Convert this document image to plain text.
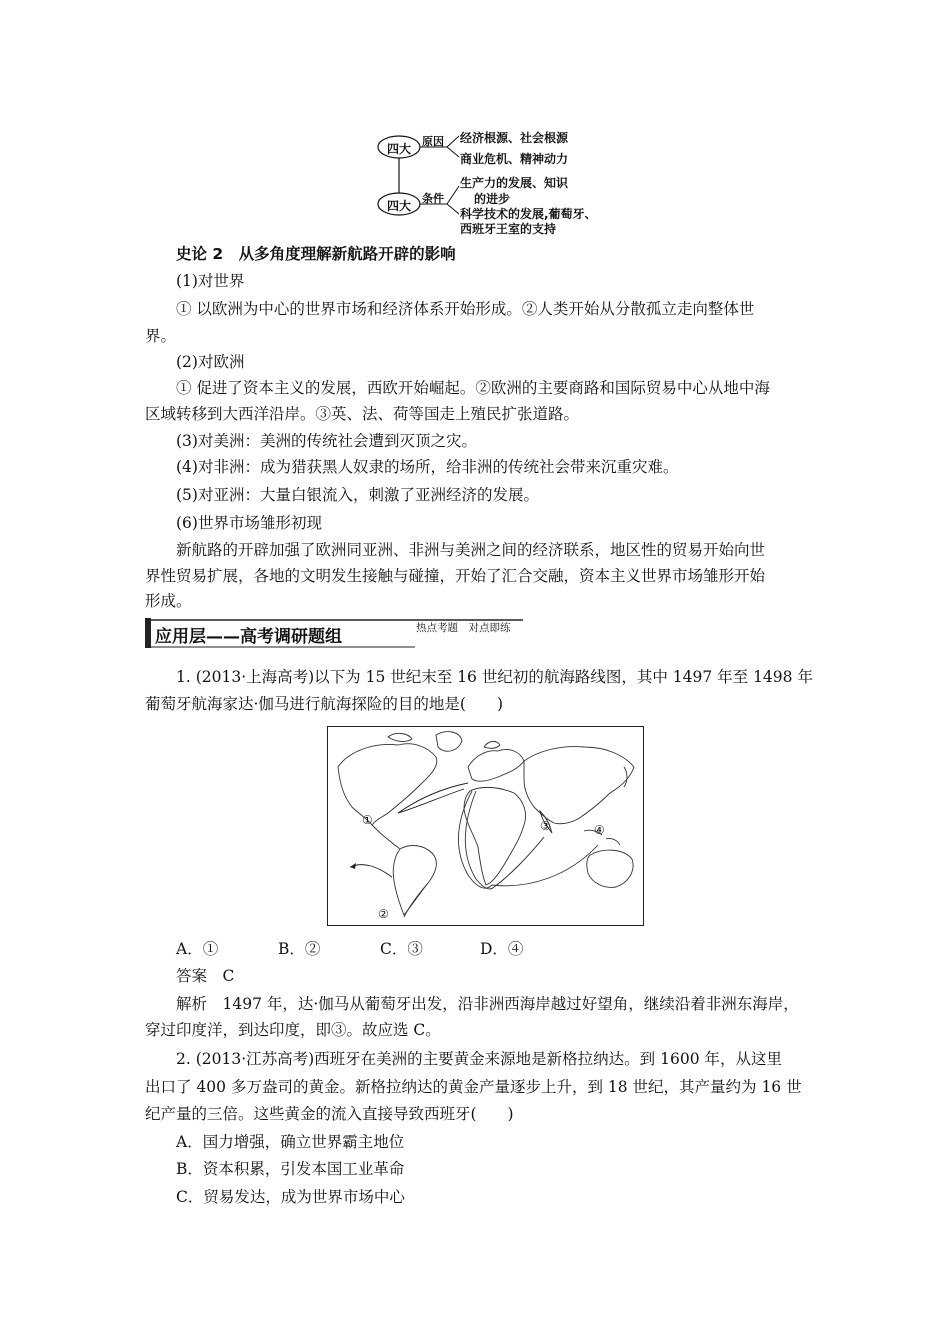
四大
四大
原因
条件
经济根源、社会根源
商业危机、精神动力
生产力的发展、知识
的进步
科学技术的发展,葡萄牙、
西班牙王室的支持
史论 2　从多角度理解新航路开辟的影响
(1)对世界
① 以欧洲为中心的世界市场和经济体系开始形成。②人类开始从分散孤立走向整体世
界。
(2)对欧洲
① 促进了资本主义的发展，西欧开始崛起。②欧洲的主要商路和国际贸易中心从地中海
区域转移到大西洋沿岸。③英、法、荷等国走上殖民扩张道路。
(3)对美洲：美洲的传统社会遭到灭顶之灾。
(4)对非洲：成为猎获黑人奴隶的场所，给非洲的传统社会带来沉重灾难。
(5)对亚洲：大量白银流入，刺激了亚洲经济的发展。
(6)世界市场雏形初现
新航路的开辟加强了欧洲同亚洲、非洲与美洲之间的经济联系，地区性的贸易开始向世
界性贸易扩展，各地的文明发生接触与碰撞，开始了汇合交融，资本主义世界市场雏形开始
形成。
应用层——高考调研题组	热点考题　对点即练
1. (2013·上海高考)以下为 15 世纪末至 16 世纪初的航海路线图，其中 1497 年至 1498 年
葡萄牙航海家达·伽马进行航海探险的目的地是(　　)
①
②
③	④
A．①	B．②	C．③	D．④
答案　C
解析　1497 年，达·伽马从葡萄牙出发，沿非洲西海岸越过好望角，继续沿着非洲东海岸，
穿过印度洋，到达印度，即③。故应选 C。
2. (2013·江苏高考)西班牙在美洲的主要黄金来源地是新格拉纳达。到 1600 年，从这里
出口了 400 多万盎司的黄金。新格拉纳达的黄金产量逐步上升，到 18 世纪，其产量约为 16 世
纪产量的三倍。这些黄金的流入直接导致西班牙(　　)
A．国力增强，确立世界霸主地位
B．资本积累，引发本国工业革命
C．贸易发达，成为世界市场中心
